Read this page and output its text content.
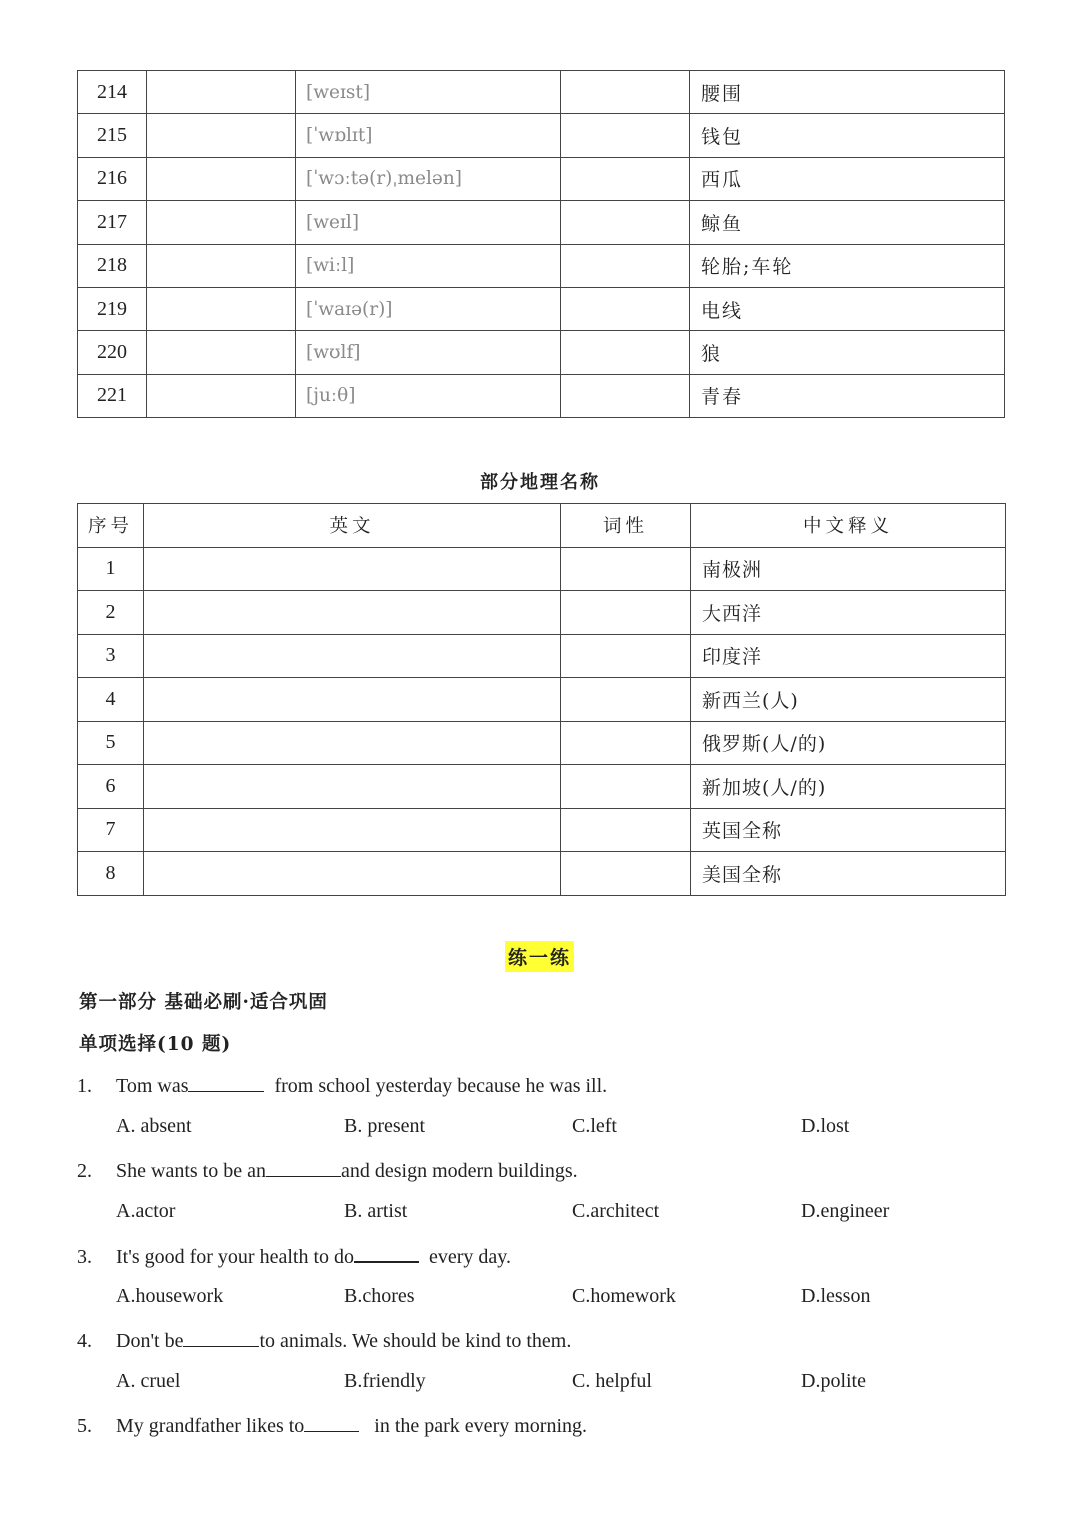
214		[weɪst]		腰围
215		[ˈwɒlɪt]		钱包
216		[ˈwɔːtə(r)ˌmelən]		西瓜
217		[weɪl]		鲸鱼
218		[wiːl]		轮胎;车轮
219		[ˈwaɪə(r)]		电线
220		[wʊlf]		狼
221		[juːθ]		青春
部分地理名称
序号	英文	词性	中文释义
1			南极洲
2			大西洋
3			印度洋
4			新西兰(人)
5			俄罗斯(人/的)
6			新加坡(人/的)
7			英国全称
8			美国全称
练一练
第一部分 基础必刷·适合巩固
单项选择(10 题)
1. Tom was	from school yesterday because he was ill.
A. absent	B. present	C.left	D.lost
2. She wants to be an	and design modern buildings.
A.actor	B. artist	C.architect	D.engineer
3. It's good for your health to do	every day.
A.housework	B.chores	C.homework	D.lesson
4. Don't be	to animals. We should be kind to them.
A. cruel	B.friendly	C. helpful	D.polite
5. My grandfather likes to	in the park every morning.
